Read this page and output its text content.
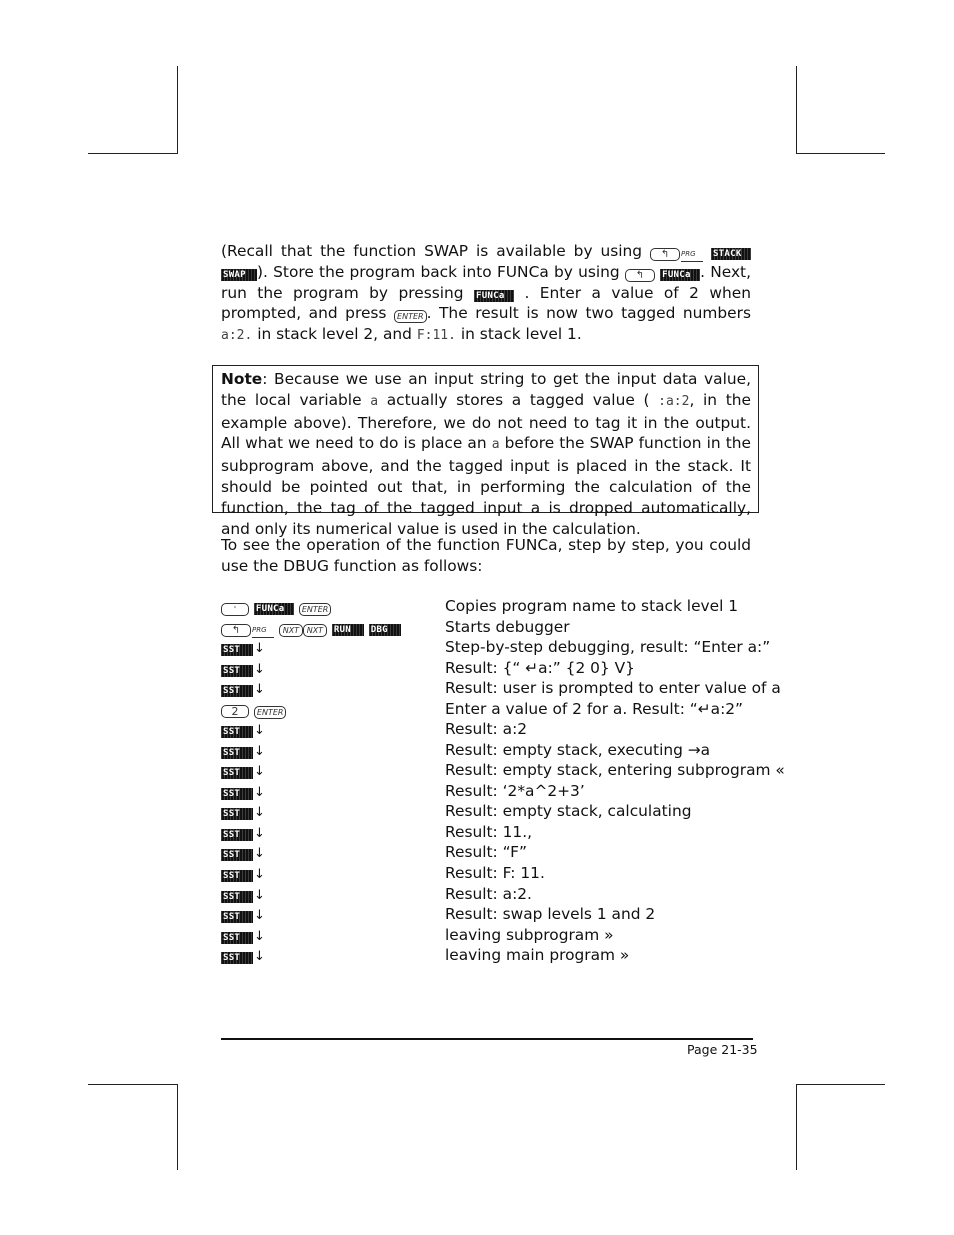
(Recall that the function SWAP is available by using ↰ PRG STACK SWAP ). Store the program back into FUNCa by using ↰ FUNCa . Next, run the program by pressing FUNCa . Enter a value of 2 when prompted, and press ENTER . The result is now two tagged numbers a:2. in stack level 2, and F:11. in stack level 1.
Note: Because we use an input string to get the input data value, the local variable a actually stores a tagged value ( :a:2, in the example above). Therefore, we do not need to tag it in the output. All what we need to do is place an a before the SWAP function in the subprogram above, and the tagged input is placed in the stack. It should be pointed out that, in performing the calculation of the function, the tag of the tagged input a is dropped automatically, and only its numerical value is used in the calculation.
To see the operation of the function FUNCa, step by step, you could use the DBUG function as follows:
' FUNCa ENTER	Copies program name to stack level 1
↰ PRG NXT NXT RUN DBG	Starts debugger
SST ↓	Step-by-step debugging, result: “Enter a:”
SST ↓	Result: {“ ↵a:” {2 0} V}
SST ↓	Result: user is prompted to enter value of a
2 ENTER	Enter a value of 2 for a. Result: “↵a:2”
SST ↓	Result: a:2
SST ↓	Result: empty stack, executing →a
SST ↓	Result: empty stack, entering subprogram «
SST ↓	Result: ‘2*a^2+3’
SST ↓	Result: empty stack, calculating
SST ↓	Result: 11.,
SST ↓	Result: “F”
SST ↓	Result: F: 11.
SST ↓	Result: a:2.
SST ↓	Result: swap levels 1 and 2
SST ↓	leaving subprogram »
SST ↓	leaving main program »
Page 21-35
